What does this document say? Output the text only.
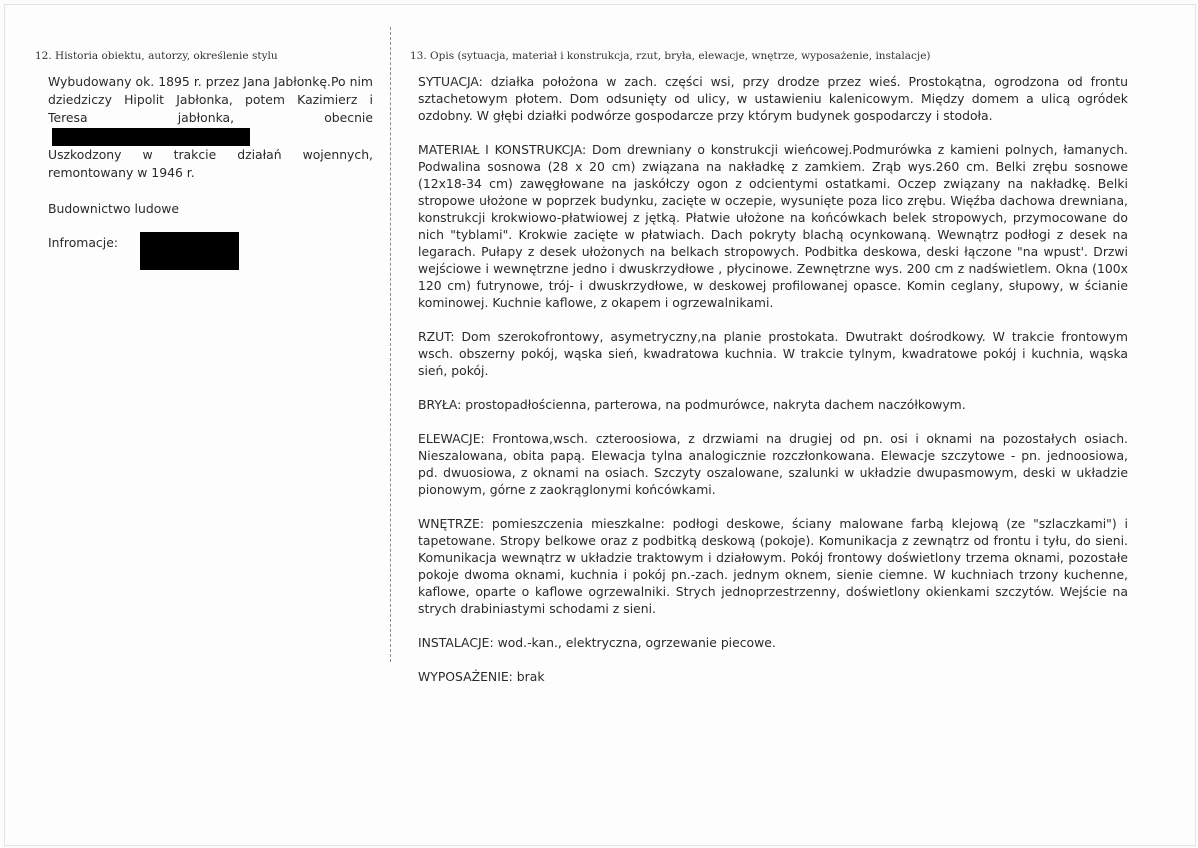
12. Historia obiektu, autorzy, określenie stylu	13. Opis (sytuacja, materiał i konstrukcja, rzut, bryła, elewacje, wnętrze, wyposażenie, instalacje)

Wybudowany ok. 1895 r. przez Jana Jabłonkę.Po nim dziedziczy Hipolit Jabłonka, potem Kazimierz i Teresa jabłonka, obecnie

Uszkodzony w trakcie działań wojennych, remontowany w 1946 r.

Budownictwo ludowe

Infromacje:

SYTUACJA: działka położona w zach. części wsi, przy drodze przez wieś. Prostokątna, ogrodzona od frontu sztachetowym płotem. Dom odsunięty od ulicy, w ustawieniu kalenicowym. Między domem a ulicą ogródek ozdobny. W głębi działki podwórze gospodarcze przy którym budynek gospodarczy i stodoła.

MATERIAŁ I KONSTRUKCJA: Dom drewniany o konstrukcji wieńcowej.Podmurówka z kamieni polnych, łamanych. Podwalina sosnowa (28 x 20 cm) związana na nakładkę z zamkiem. Zrąb wys.260 cm. Belki zrębu sosnowe (12x18-34 cm) zawęgłowane na jaskółczy ogon z odcientymi ostatkami. Oczep związany na nakładkę. Belki stropowe ułożone w poprzek budynku, zacięte w oczepie, wysunięte poza lico zrębu. Więźba dachowa drewniana, konstrukcji krokwiowo-płatwiowej z jętką. Płatwie ułożone na końcówkach belek stropowych, przymocowane do nich "tyblami". Krokwie zacięte w płatwiach. Dach pokryty blachą ocynkowaną. Wewnątrz podłogi z desek na legarach. Pułapy z desek ułożonych na belkach stropowych. Podbitka deskowa, deski łączone "na wpust'. Drzwi wejściowe i wewnętrzne jedno i dwuskrzydłowe , płycinowe. Zewnętrzne wys. 200 cm z nadświetlem. Okna (100x 120 cm) futrynowe, trój- i dwuskrzydłowe, w deskowej profilowanej opasce. Komin ceglany, słupowy, w ścianie kominowej. Kuchnie kaflowe, z okapem i ogrzewalnikami.

RZUT: Dom szerokofrontowy, asymetryczny,na planie prostokata. Dwutrakt dośrodkowy. W trakcie frontowym wsch. obszerny pokój, wąska sień, kwadratowa kuchnia. W trakcie tylnym, kwadratowe pokój i kuchnia, wąska sień, pokój.

BRYŁA: prostopadłościenna, parterowa, na podmurówce, nakryta dachem naczółkowym.

ELEWACJE: Frontowa,wsch. czteroosiowa, z drzwiami na drugiej od pn. osi i oknami na pozostałych osiach. Nieszalowana, obita papą. Elewacja tylna analogicznie rozczłonkowana. Elewacje szczytowe - pn. jednoosiowa, pd. dwuosiowa, z oknami na osiach. Szczyty oszalowane, szalunki w układzie dwupasmowym, deski w układzie pionowym, górne z zaokrąglonymi końcówkami.

WNĘTRZE: pomieszczenia mieszkalne: podłogi deskowe, ściany malowane farbą klejową (ze "szlaczkami") i tapetowane. Stropy belkowe oraz z podbitką deskową (pokoje). Komunikacja z zewnątrz od frontu i tyłu, do sieni. Komunikacja wewnątrz w układzie traktowym i działowym. Pokój frontowy doświetlony trzema oknami, pozostałe pokoje dwoma oknami, kuchnia i pokój pn.-zach. jednym oknem, sienie ciemne. W kuchniach trzony kuchenne, kaflowe, oparte o kaflowe ogrzewalniki. Strych jednoprzestrzenny, doświetlony okienkami szczytów. Wejście na strych drabiniastymi schodami z sieni.

INSTALACJE: wod.-kan., elektryczna, ogrzewanie piecowe.

WYPOSAŻENIE: brak
